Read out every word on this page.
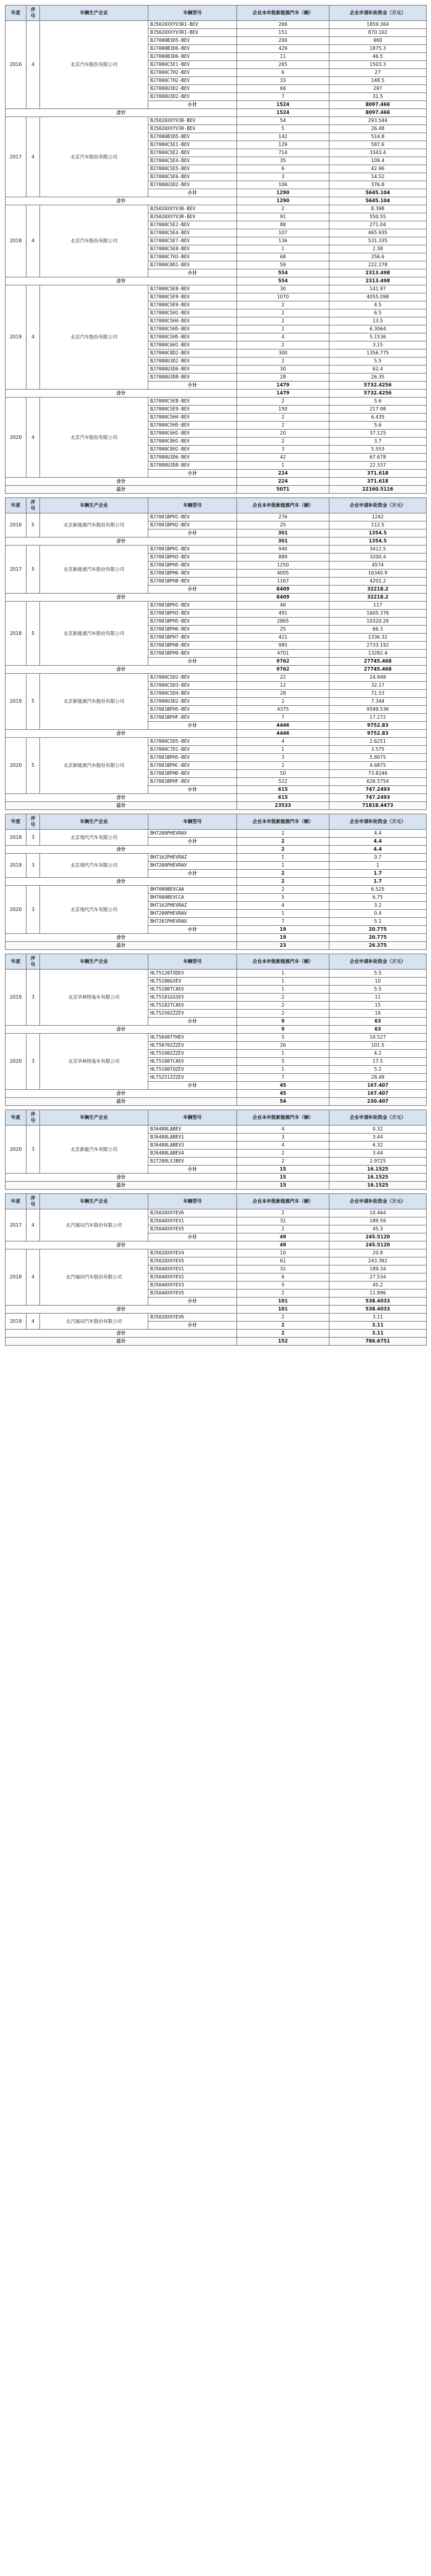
年度	序号	车辆生产企业	车辆型号	企业本申报新能源汽车（辆）	企业申请补助资金（万元）
2016	4	北京汽车股份有限公司	BJ5020XXYV3R1-BEV	266	1859.364
			BJ5020XXYV3R1-BEV	151	870.102
			BJ7000B3D5-BEV	200	960
			BJ7000B3D6-BEV	429	1875.3
			BJ7000B3D6-BEV	11	46.5
			BJ7000C5E1-BEV	265	1503.3
			BJ7000C7H2-BEV	6	27
			BJ7000C7H2-BEV	33	148.5
			BJ7000U3D2-BEV	66	297
			BJ7000U3D2-BEV	7	31.5
			小计	1524	8097.466
合计				1524	8097.466
2017	4	北京汽车股份有限公司	BJ5020XXYV3R-BEV	54	293.544
			BJ5020XXYV3R-BEV	5	26.48
			BJ7000B3D5-BEV	142	514.8
			BJ7000C5E1-BEV	129	587.6
			BJ7000C5E2-BEV	714	3343.4
			BJ7000C5E4-BEV	35	109.4
			BJ7000C5E5-BEV	6	42.96
			BJ7000C5E6-BEV	3	14.52
			BJ7000U3D2-BEV	106	376.8
			小计	1290	5645.104
合计				1290	5645.104
2018	4	北京汽车股份有限公司	BJ5020XXYV3R-BEV	2	8.398
			BJ5020XXYV3R-BEV	91	550.55
			BJ7000C5E2-BEV	88	271.04
			BJ7000C5E4-BEV	107	465.935
			BJ7000C5E7-BEV	136	531.335
			BJ7000C5E8-BEV	1	2.38
			BJ7000C7H3-BEV	68	256.6
			BJ7000C8D1-BEV	59	222.278
			小计	554	2313.498
合计				554	2313.498
2019	4	北京汽车股份有限公司	BJ7000C5E8-BEV	30	141.97
			BJ7000C5E9-BEV	1070	4055.098
			BJ7000C5E9-BEV	2	4.5
			BJ7000C5H1-BEV	2	6.5
			BJ7000C5H4-BEV	2	13.5
			BJ7000C5H5-BEV	2	6.3064
			BJ7000C5H5-BEV	4	5.1536
			BJ7000C6H1-BEV	2	3.15
			BJ7000C8D2-BEV	300	1356.775
			BJ7000U3D2-BEV	2	5.5
			BJ7000U3D6-BEV	30	62.4
			BJ7000U3D8-BEV	28	26.35
			小计	1479	5732.4256
合计				1479	5732.4256
2020	4	北京汽车股份有限公司	BJ7000C5E8-BEV	2	5.6
			BJ7000C5E9-BEV	150	217.98
			BJ7000C5H4-BEV	2	6.435
			BJ7000C5H5-BEV	2	5.6
			BJ7000C6H1-BEV	20	37.125
			BJ7000C8H1-BEV	2	3.7
			BJ7000C8H2-BEV	3	5.553
			BJ7000U3D6-BEV	42	67.678
			BJ7000U3D8-BEV	1	22.337
			小计	224	371.618
合计				224	371.618
总计				5071	22160.5116
年度	序号	车辆生产企业	车辆型号	企业本申报新能源汽车（辆）	企业申请补助资金（万元）
2016	5	北京新能源汽车股份有限公司	BJ7001BPH1-BEV	276	1242
			BJ7001BPH2-BEV	25	112.5
			小计	301	1354.5
合计				301	1354.5
2017	5	北京新能源汽车股份有限公司	BJ7001BPH1-BEV	940	3412.5
			BJ7001BPH3-BEV	889	3200.4
			BJ7001BPH5-BEV	1250	4574
			BJ7001BPH6-BEV	4005	16340.9
			BJ7001BPH8-BEV	1167	4201.2
			小计	8409	32218.2
合计				8409	32218.2
2018	5	北京新能源汽车股份有限公司	BJ7001BPH1-BEV	46	117
			BJ7001BPH3-BEV	491	1605.376
			BJ7001BPH5-BEV	2865	10320.26
			BJ7001BPH6-BEV	25	66.3
			BJ7001BPH7-BEV	421	1336.32
			BJ7001BPH8-BEV	985	2733.192
			BJ7001BPH9-BEV	4701	13282.4
			小计	9762	27745.468
合计				9762	27745.468
2019	5	北京新能源汽车股份有限公司	BJ7000C5D2-BEV	22	24.948
			BJ7000C5D3-BEV	12	32.17
			BJ7000C5D4-BEV	28	71.53
			BJ7000U3D2-BEV	2	7.344
			BJ7001BPH5-BEV	4375	9599.536
			BJ7001BPHF-BEV	7	17.272
			小计	4446	9752.83
合计				4446	9752.83
2020	5	北京新能源汽车股份有限公司	BJ7000C5D5-BEV	4	2.6251
			BJ7000C7D1-BEV	1	3.575
			BJ7001BPH5-BEV	3	5.8075
			BJ7001BPHC-BEV	2	4.6875
			BJ7001BPHD-BEV	50	73.8246
			BJ7001BPHF-BEV	522	626.5754
			小计	615	747.2493
合计				615	747.2493
总计				23533	71818.4473
年度	序号	车辆生产企业	车辆型号	企业本申报新能源汽车（辆）	企业申请补助资金（万元）
2018	3	北京现代汽车有限公司	BH7200PHEVRAV	2	4.4
			小计	2	4.4
合计				2	4.4
2019	3	北京现代汽车有限公司	BH7162PHEVRAZ	1	0.7
			BH7200PHEVRAV	1	1
			小计	2	1.7
合计				2	1.7
2020	3	北京现代汽车有限公司	BH7000BEVCAA	2	6.525
			BH7000BEVCCA	5	6.75
			BH7162PHEVRAZ	4	3.2
			BH7200PHEVRAV	1	0.4
			BH7201PHEVRAU	7	5.1
			小计	19	20.775
合计				19	20.775
总计				23	26.375
年度	序号	车辆生产企业	车辆型号	企业本申报新能源汽车（辆）	企业申请补助资金（万元）
2019	3	北京华林特装车有限公司	HLT5120TXDEV	1	5.5
			HLT5180GXEV	1	10
			HLT5180TCAEV	1	5.5
			HLT5181GSSEV	2	11
			HLT5182TCAEV	2	15
			HLT5250ZZZEV	2	16
			小计	9	63
合计				9	63
2020	3	北京华林特装车有限公司	HLT5040TYHEV	5	10.527
			HLT5070ZZZEV	26	101.5
			HLT5100ZZZEV	1	4.2
			HLT5180TCAEV	5	17.5
			HLT5180TQZEV	1	5.2
			HLT5251ZZZEV	7	28.48
			小计	45	167.407
合计				45	167.407
总计				54	230.407
年度	序号	车辆生产企业	车辆型号	企业本申报新能源汽车（辆）	企业申请补助资金（万元）
2020	3	北京新能汽车有限公司	BJ6480LABEV	4	0.32
			BJ6480LABEV1	3	3.44
			BJ6480LABEV3	4	6.32
			BJ6480LABEV4	2	3.44
			BJ7200LXJBEV	2	2.9725
			小计	15	16.1525
合计				15	16.1525
总计				15	16.1525
年度	序号	车辆生产企业	车辆型号	企业本申报新能源汽车（辆）	企业申请补助资金（万元）
2017	4	北汽福田汽车股份有限公司	BJ5020XXYEV6	2	10.464
			BJ5040XXYEV1	31	189.59
			BJ5040XXYEV5	2	45.3
			小计	49	245.5120
合计				49	245.5120
2018	4	北汽福田汽车股份有限公司	BJ5020XXYEV4	10	20.8
			BJ5020XXYEV5	61	243.392
			BJ5040XXYEV1	31	189.34
			BJ5040XXYEV2	6	27.534
			BJ5040XXYEV3	5	45.2
			BJ5040XXYEV5	2	11.996
			小计	101	538.4033
合计				101	538.4033
2019	4	北汽福田汽车股份有限公司	BJ5020XXYEV6	2	3.11
			小计	2	3.11
合计				2	3.11
总计				152	786.6751
